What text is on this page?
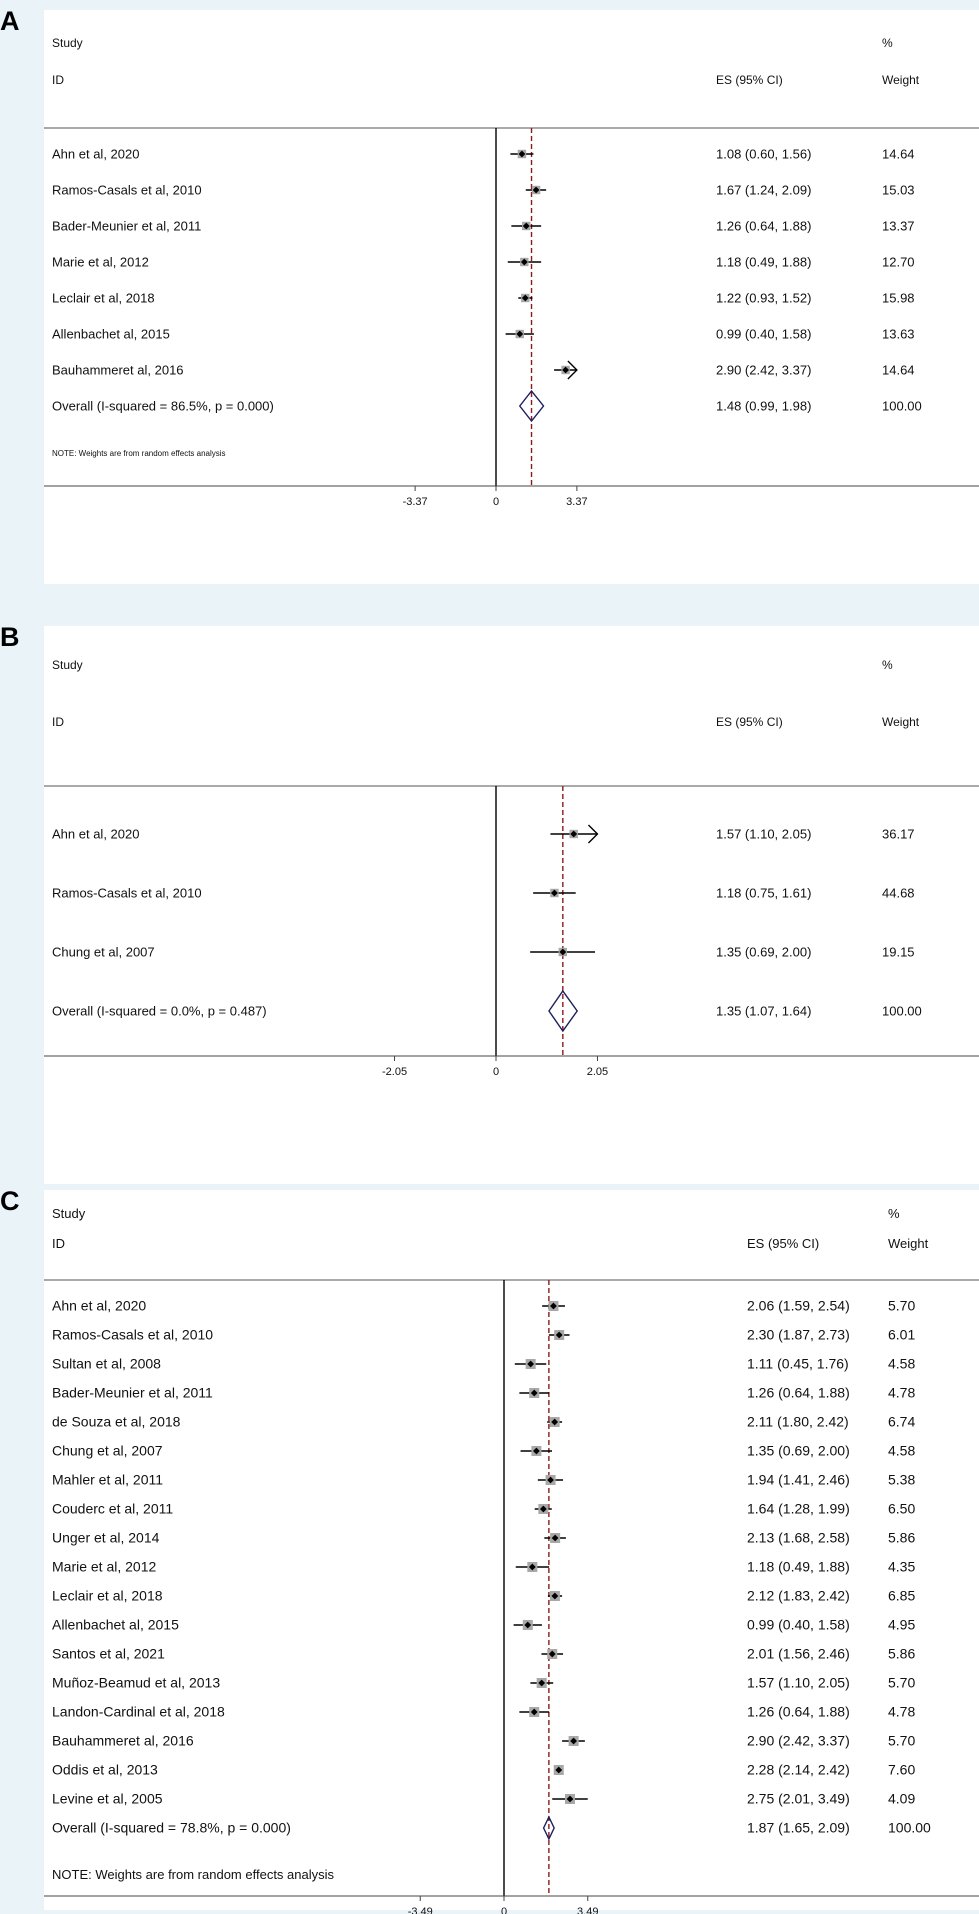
A
Study
ID	ES (95% CI)
%
Weight
Ahn et al, 2020	1.08 (0.60, 1.56)	14.64
Ramos-Casals et al, 2010	1.67 (1.24, 2.09)	15.03
Bader-Meunier et al, 2011	1.26 (0.64, 1.88)	13.37
Marie et al, 2012	1.18 (0.49, 1.88)	12.70
Leclair et al, 2018	1.22 (0.93, 1.52)	15.98
Allenbachet al, 2015	0.99 (0.40, 1.58)	13.63
Bauhammeret al, 2016	2.90 (2.42, 3.37)	14.64
Overall (I-squared = 86.5%, p = 0.000)	1.48 (0.99, 1.98)	100.00
NOTE: Weights are from random effects analysis
-3.37	0	3.37
B
Study
ID	ES (95% CI)
%
Weight
Ahn et al, 2020	1.57 (1.10, 2.05)	36.17
Ramos-Casals et al, 2010	1.18 (0.75, 1.61)	44.68
Chung et al, 2007	1.35 (0.69, 2.00)	19.15
Overall (I-squared = 0.0%, p = 0.487)	1.35 (1.07, 1.64)	100.00
-2.05	0	2.05
C	Study
ID	ES (95% CI)
%
Weight
Ahn et al, 2020	2.06 (1.59, 2.54)	5.70
Ramos-Casals et al, 2010	2.30 (1.87, 2.73)	6.01
Sultan et al, 2008	1.11 (0.45, 1.76)	4.58
Bader-Meunier et al, 2011	1.26 (0.64, 1.88)	4.78
de Souza et al, 2018	2.11 (1.80, 2.42)	6.74
Chung et al, 2007	1.35 (0.69, 2.00)	4.58
Mahler et al, 2011	1.94 (1.41, 2.46)	5.38
Couderc et al, 2011	1.64 (1.28, 1.99)	6.50
Unger et al, 2014	2.13 (1.68, 2.58)	5.86
Marie et al, 2012	1.18 (0.49, 1.88)	4.35
Leclair et al, 2018	2.12 (1.83, 2.42)	6.85
Allenbachet al, 2015	0.99 (0.40, 1.58)	4.95
Santos et al, 2021	2.01 (1.56, 2.46)	5.86
Muñoz-Beamud et al, 2013	1.57 (1.10, 2.05)	5.70
Landon-Cardinal et al, 2018	1.26 (0.64, 1.88)	4.78
Bauhammeret al, 2016	2.90 (2.42, 3.37)	5.70
Oddis et al, 2013	2.28 (2.14, 2.42)	7.60
Levine et al, 2005	2.75 (2.01, 3.49)	4.09
Overall (I-squared = 78.8%, p = 0.000)	1.87 (1.65, 2.09)	100.00
NOTE: Weights are from random effects analysis
-3.49	0	3.49
